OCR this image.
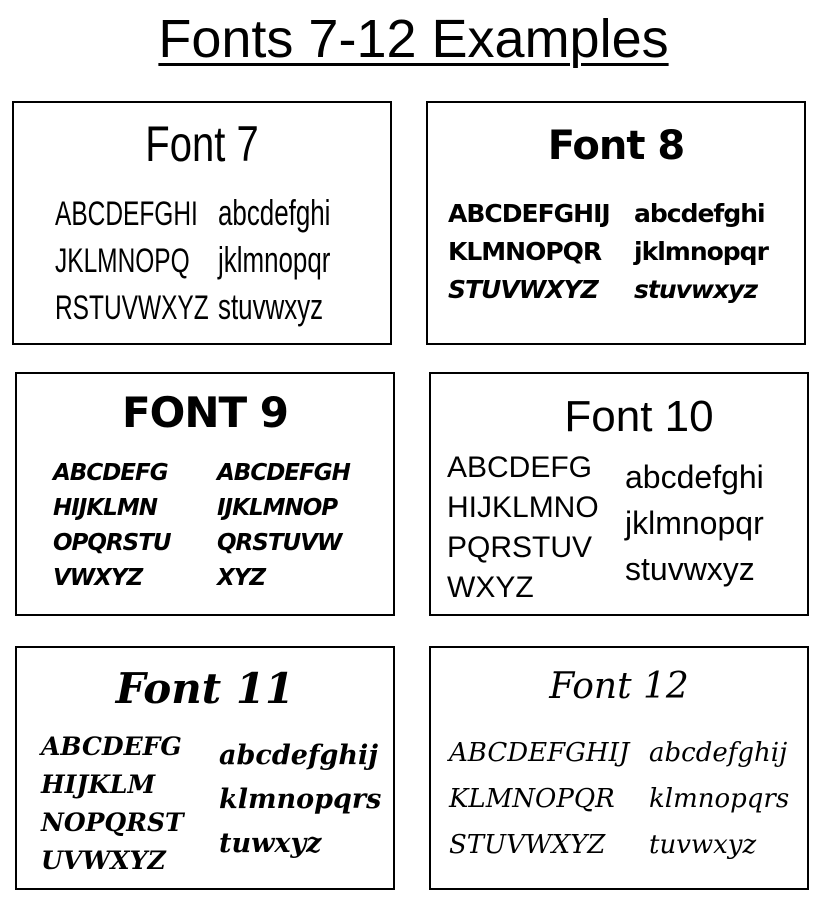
Fonts 7-12 Examples
Font 7
ABCDEFGHI
JKLMNOPQ
RSTUVWXYZ
abcdefghi
jklmnopqr
stuvwxyz
Font 8
ABCDEFGHIJ
KLMNOPQR
STUVWXYZ
abcdefghi
jklmnopqr
stuvwxyz
FONT 9
ABCDEFG
HIJKLMN
OPQRSTU
VWXYZ
ABCDEFGH
IJKLMNOP
QRSTUVW
XYZ
Font 10
ABCDEFG
HIJKLMNO
PQRSTUV
WXYZ
abcdefghi
jklmnopqr
stuvwxyz
Font 11
ABCDEFG
HIJKLM
NOPQRST
UVWXYZ
abcdefghij
klmnopqrs
tuwxyz
Font 12
ABCDEFGHIJ
KLMNOPQR
STUVWXYZ
abcdefghij
klmnopqrs
tuvwxyz
